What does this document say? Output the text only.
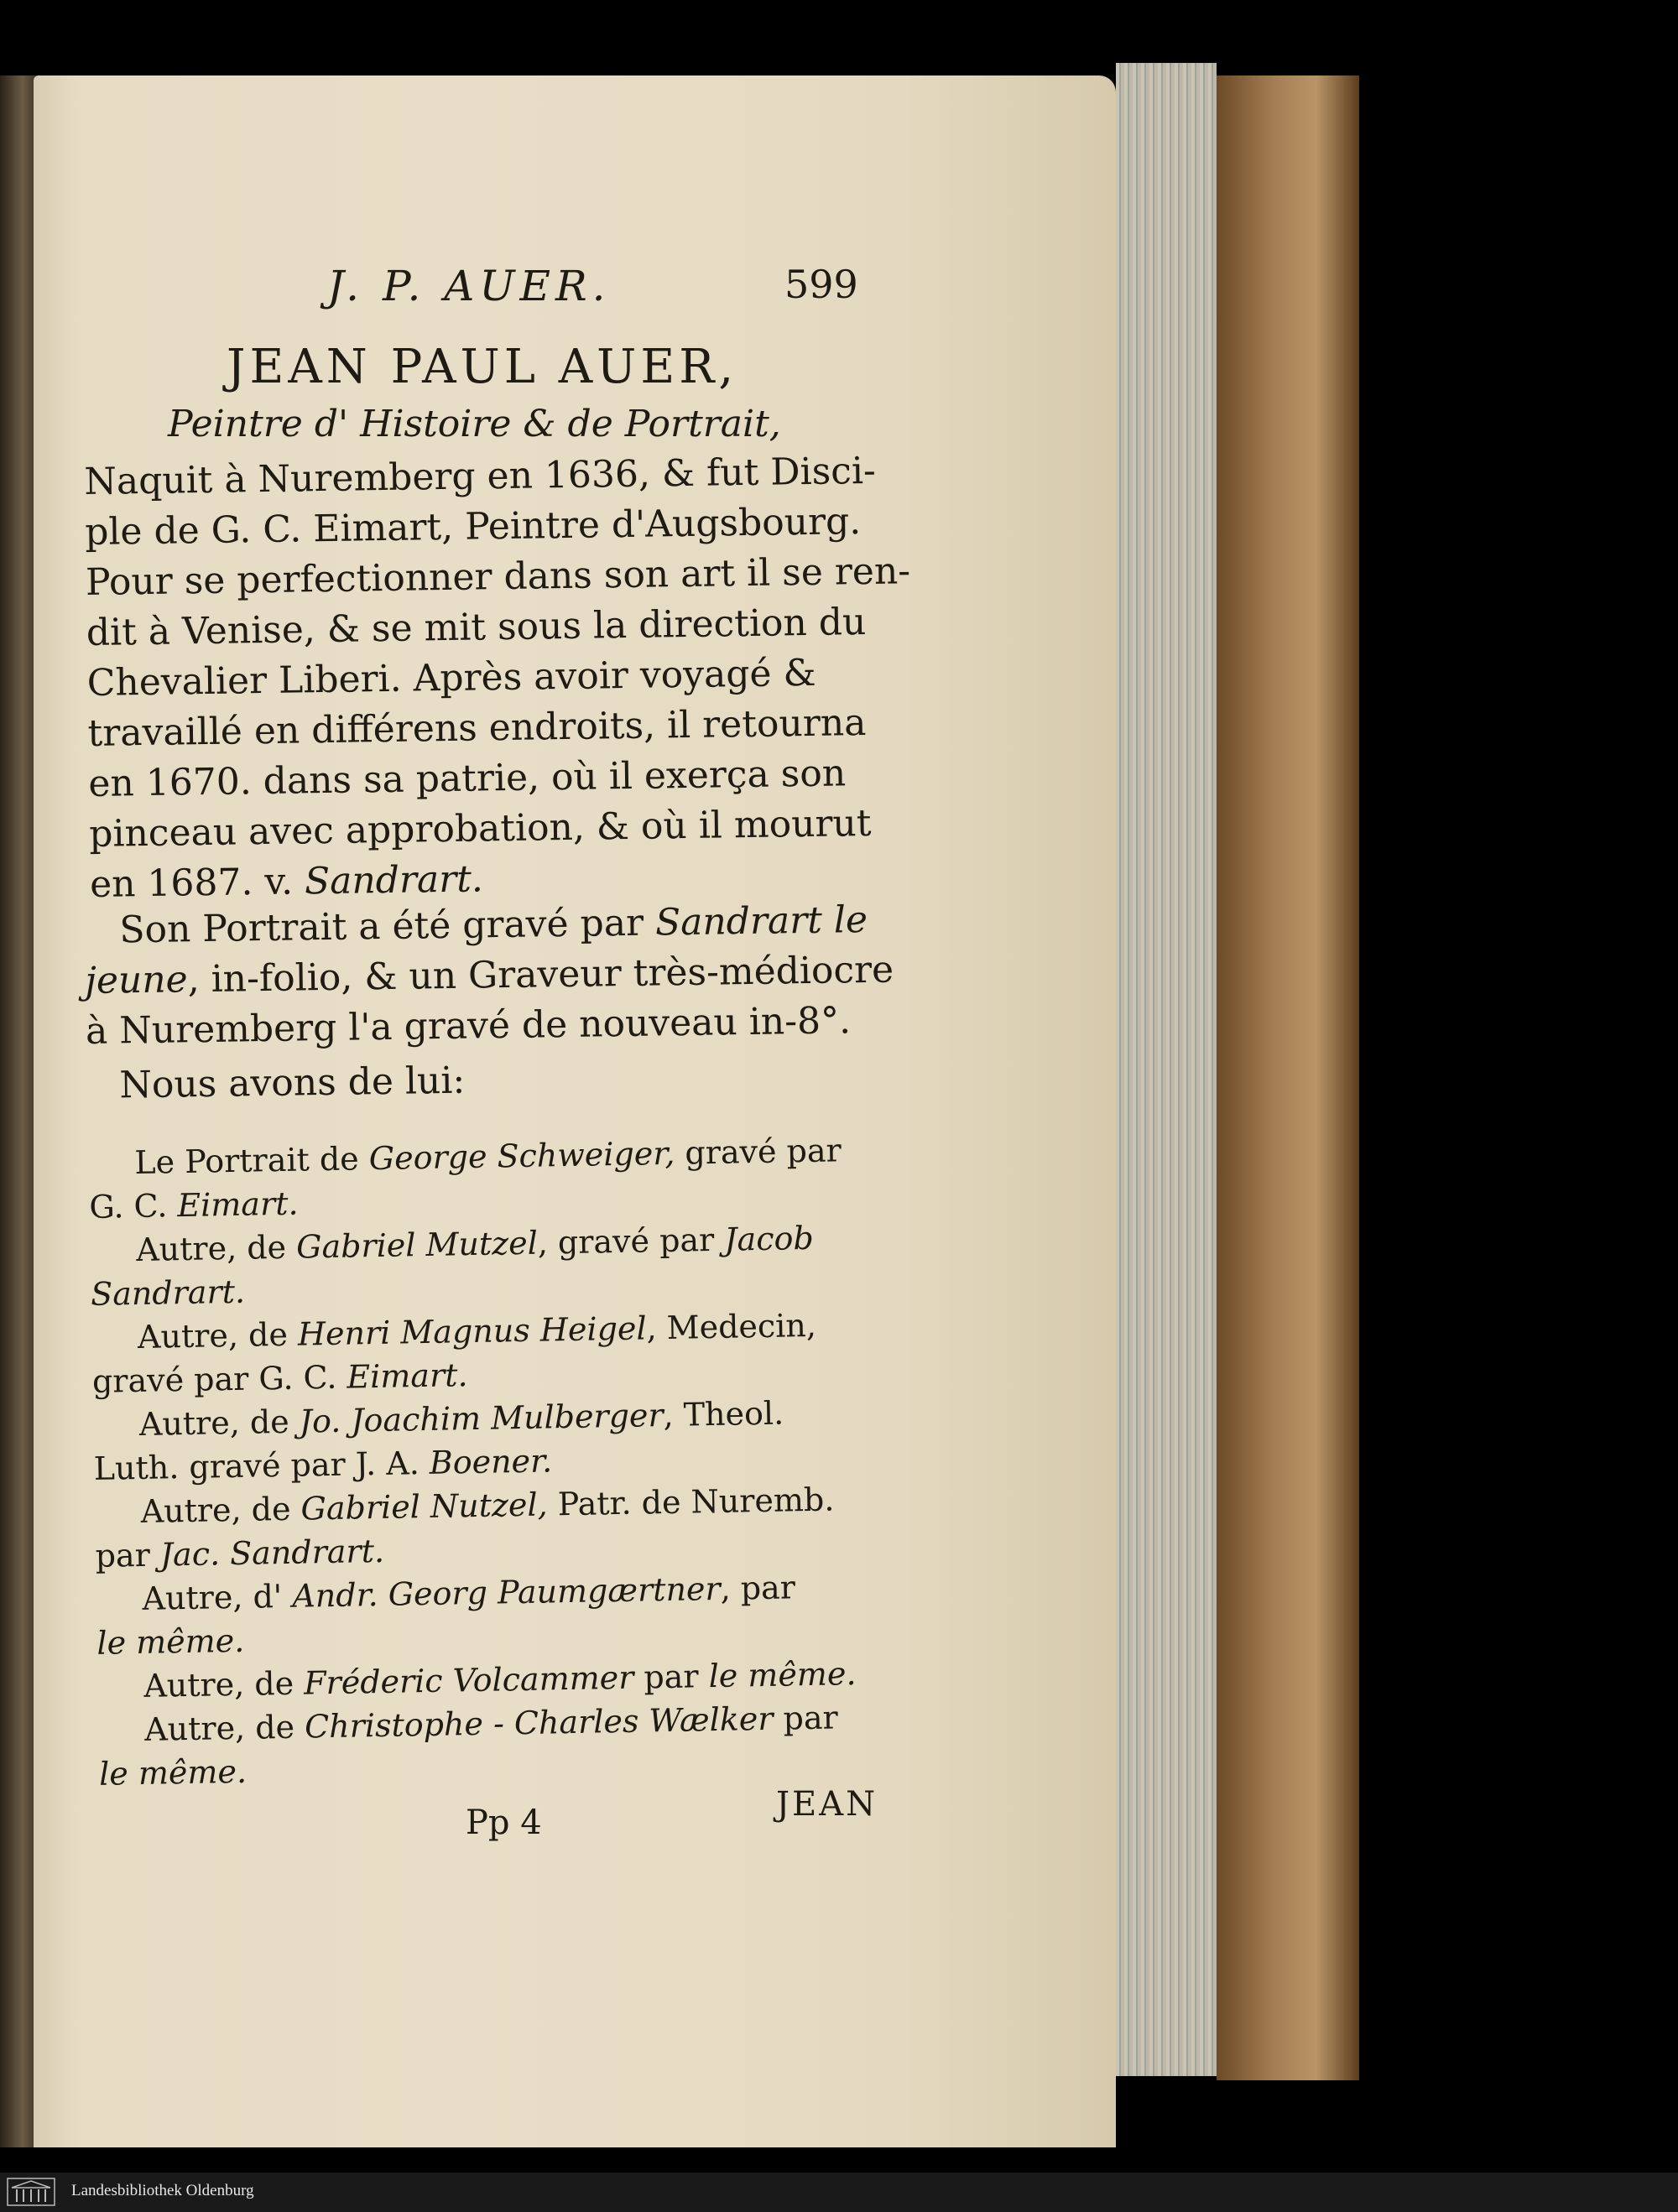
J. P. AUER.	599
JEAN PAUL AUER,
Peintre d' Histoire & de Portrait,
Naquit à Nuremberg en 1636, & fut Disci-
ple de G. C. Eimart, Peintre d'Augsbourg.
Pour se perfectionner dans son art il se ren-
dit à Venise, & se mit sous la direction du
Chevalier Liberi. Après avoir voyagé &
travaillé en différens endroits, il retourna
en 1670. dans sa patrie, où il exerça son
pinceau avec approbation, & où il mourut
en 1687. v. Sandrart.
Son Portrait a été gravé par Sandrart le
jeune, in-folio, & un Graveur très-médiocre
à Nuremberg l'a gravé de nouveau in-8°.
Nous avons de lui:
Le Portrait de George Schweiger, gravé par
G. C. Eimart.
Autre, de Gabriel Mutzel, gravé par Jacob
Sandrart.
Autre, de Henri Magnus Heigel, Medecin,
gravé par G. C. Eimart.
Autre, de Jo. Joachim Mulberger, Theol.
Luth. gravé par J. A. Boener.
Autre, de Gabriel Nutzel, Patr. de Nuremb.
par Jac. Sandrart.
Autre, d' Andr. Georg Paumgærtner, par
le même.
Autre, de Fréderic Volcammer par le même.
Autre, de Christophe - Charles Wælker par
le même.
Pp 4	JEAN
Landesbibliothek Oldenburg
